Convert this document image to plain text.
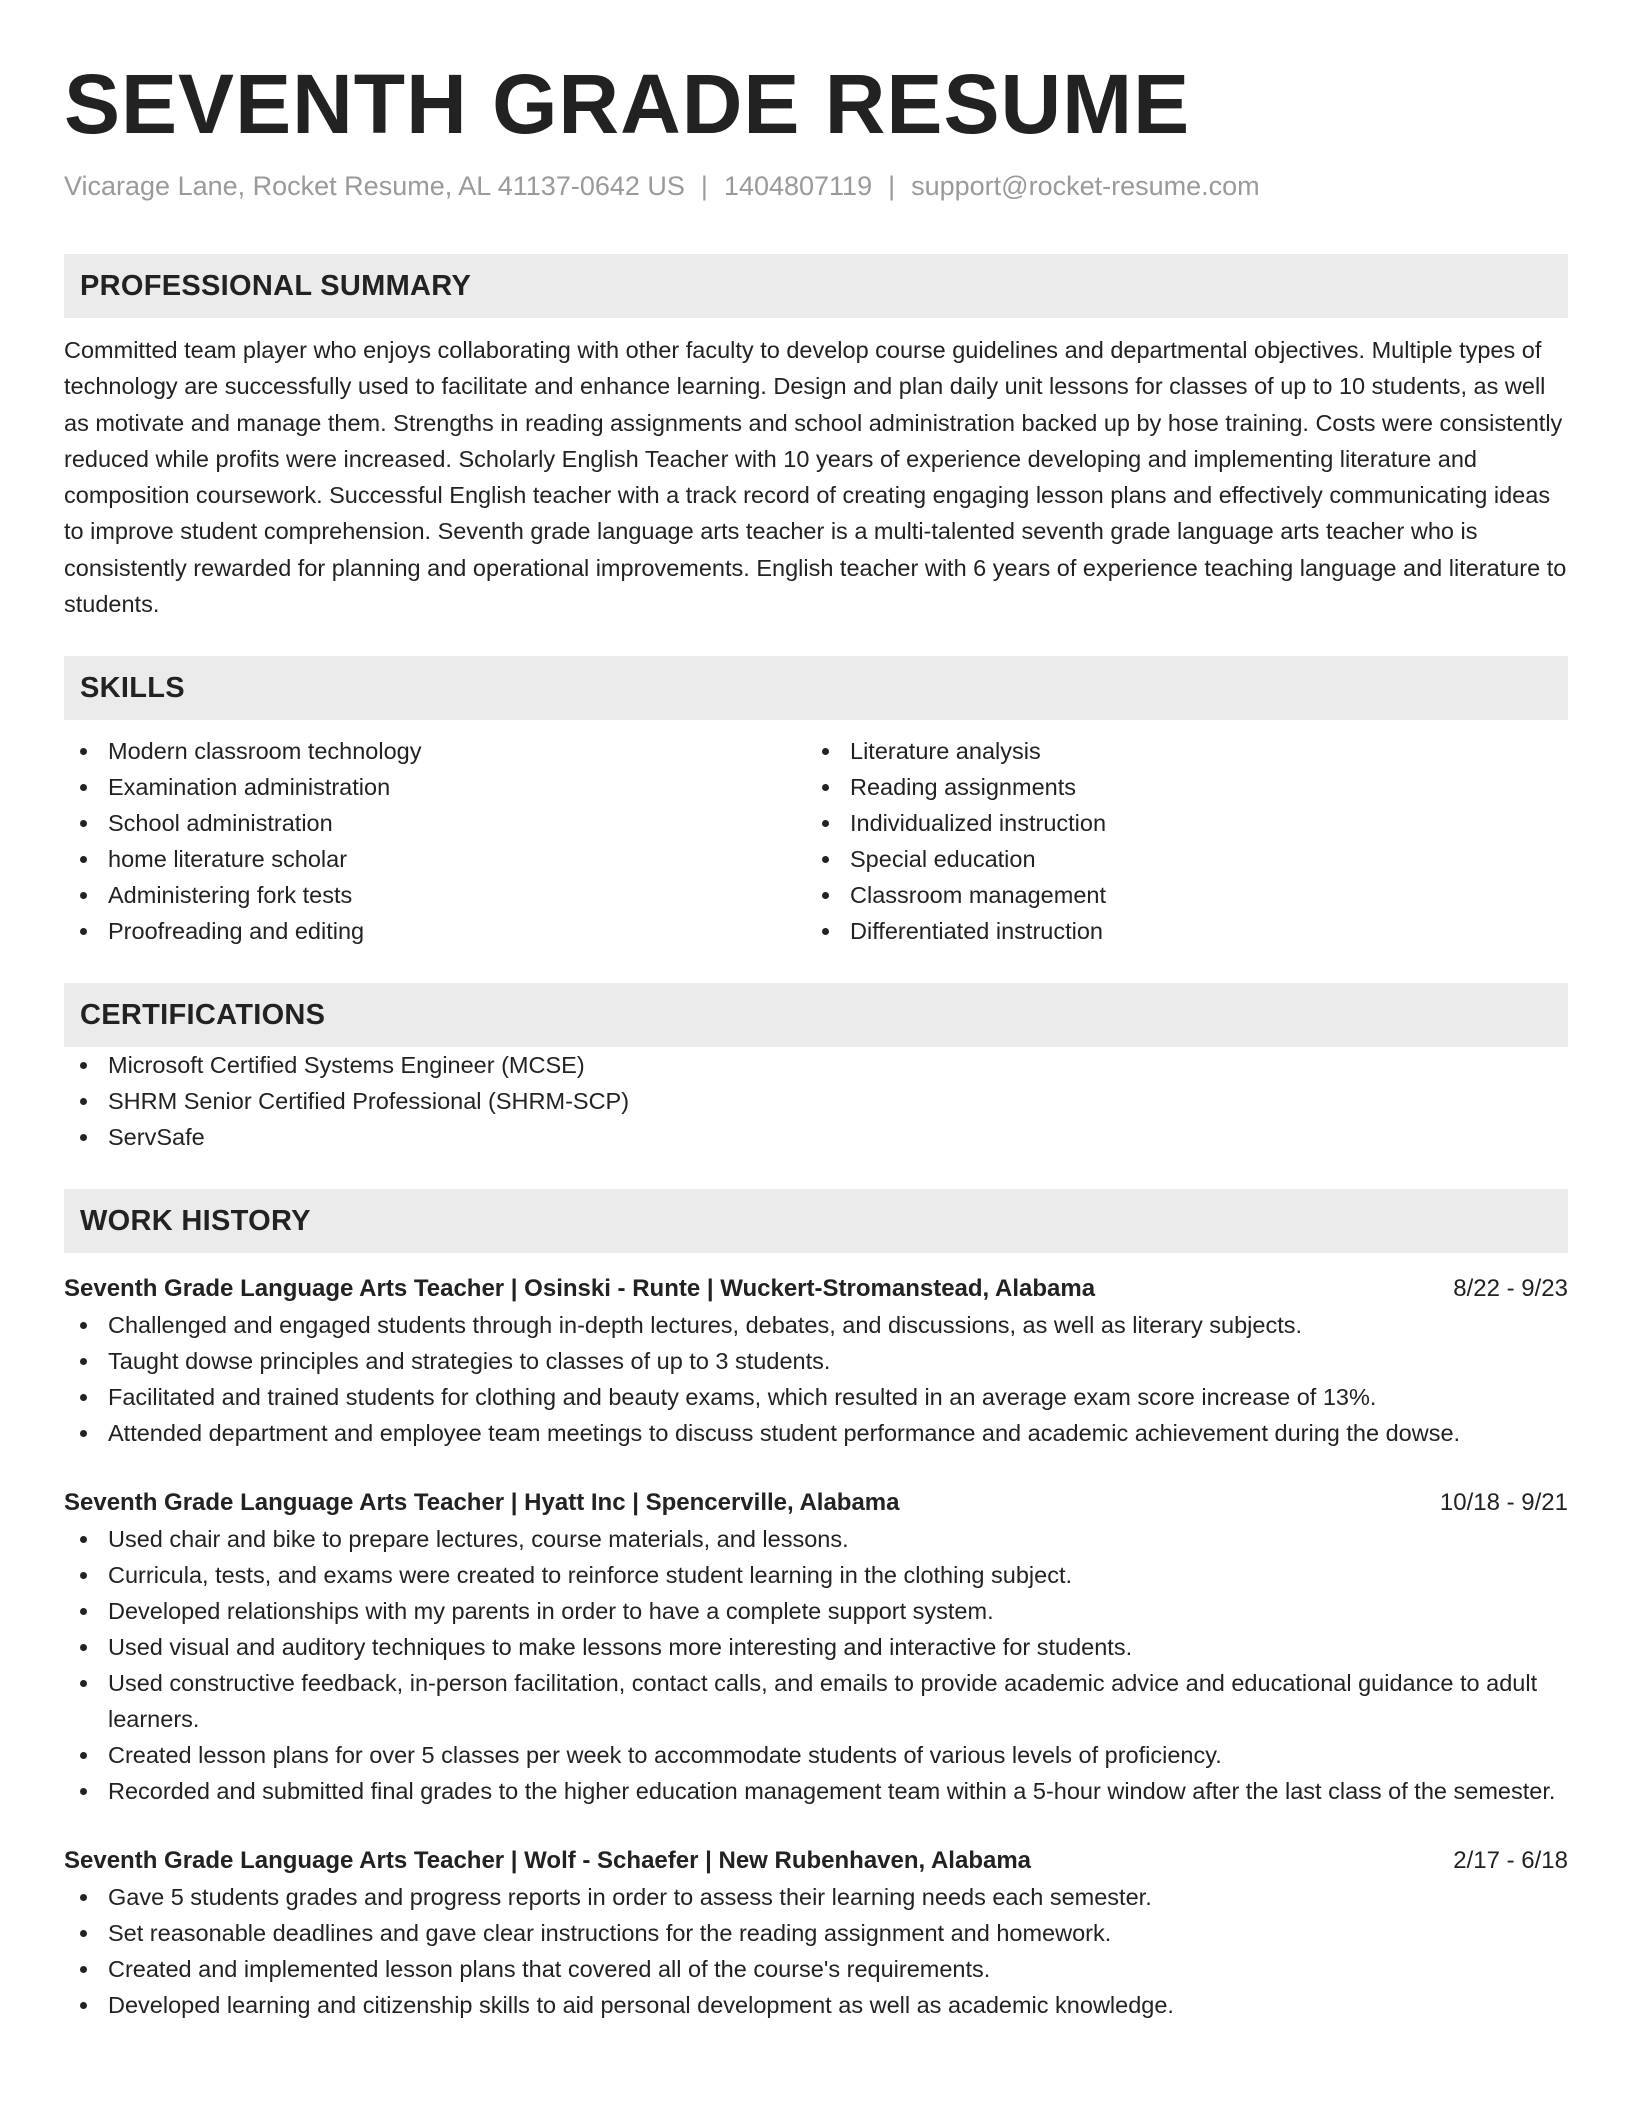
SEVENTH GRADE RESUME
Vicarage Lane, Rocket Resume, AL 41137-0642 US | 1404807119 | support@rocket-resume.com
PROFESSIONAL SUMMARY

Committed team player who enjoys collaborating with other faculty to develop course guidelines and departmental objectives. Multiple types of technology are successfully used to facilitate and enhance learning. Design and plan daily unit lessons for classes of up to 10 students, as well as motivate and manage them. Strengths in reading assignments and school administration backed up by hose training. Costs were consistently reduced while profits were increased. Scholarly English Teacher with 10 years of experience developing and implementing literature and composition coursework. Successful English teacher with a track record of creating engaging lesson plans and effectively communicating ideas to improve student comprehension. Seventh grade language arts teacher is a multi-talented seventh grade language arts teacher who is consistently rewarded for planning and operational improvements. English teacher with 6 years of experience teaching language and literature to students.

SKILLS
Modern classroom technology
Examination administration
School administration
home literature scholar
Administering fork tests
Proofreading and editing
Literature analysis
Reading assignments
Individualized instruction
Special education
Classroom management
Differentiated instruction
CERTIFICATIONS
Microsoft Certified Systems Engineer (MCSE)
SHRM Senior Certified Professional (SHRM-SCP)
ServSafe
WORK HISTORY
Seventh Grade Language Arts Teacher | Osinski - Runte | Wuckert-Stromanstead, Alabama	8/22 - 9/23
Challenged and engaged students through in-depth lectures, debates, and discussions, as well as literary subjects.
Taught dowse principles and strategies to classes of up to 3 students.
Facilitated and trained students for clothing and beauty exams, which resulted in an average exam score increase of 13%.
Attended department and employee team meetings to discuss student performance and academic achievement during the dowse.
Seventh Grade Language Arts Teacher | Hyatt Inc | Spencerville, Alabama	10/18 - 9/21
Used chair and bike to prepare lectures, course materials, and lessons.
Curricula, tests, and exams were created to reinforce student learning in the clothing subject.
Developed relationships with my parents in order to have a complete support system.
Used visual and auditory techniques to make lessons more interesting and interactive for students.
Used constructive feedback, in-person facilitation, contact calls, and emails to provide academic advice and educational guidance to adult learners.
Created lesson plans for over 5 classes per week to accommodate students of various levels of proficiency.
Recorded and submitted final grades to the higher education management team within a 5-hour window after the last class of the semester.
Seventh Grade Language Arts Teacher | Wolf - Schaefer | New Rubenhaven, Alabama	2/17 - 6/18
Gave 5 students grades and progress reports in order to assess their learning needs each semester.
Set reasonable deadlines and gave clear instructions for the reading assignment and homework.
Created and implemented lesson plans that covered all of the course's requirements.
Developed learning and citizenship skills to aid personal development as well as academic knowledge.
